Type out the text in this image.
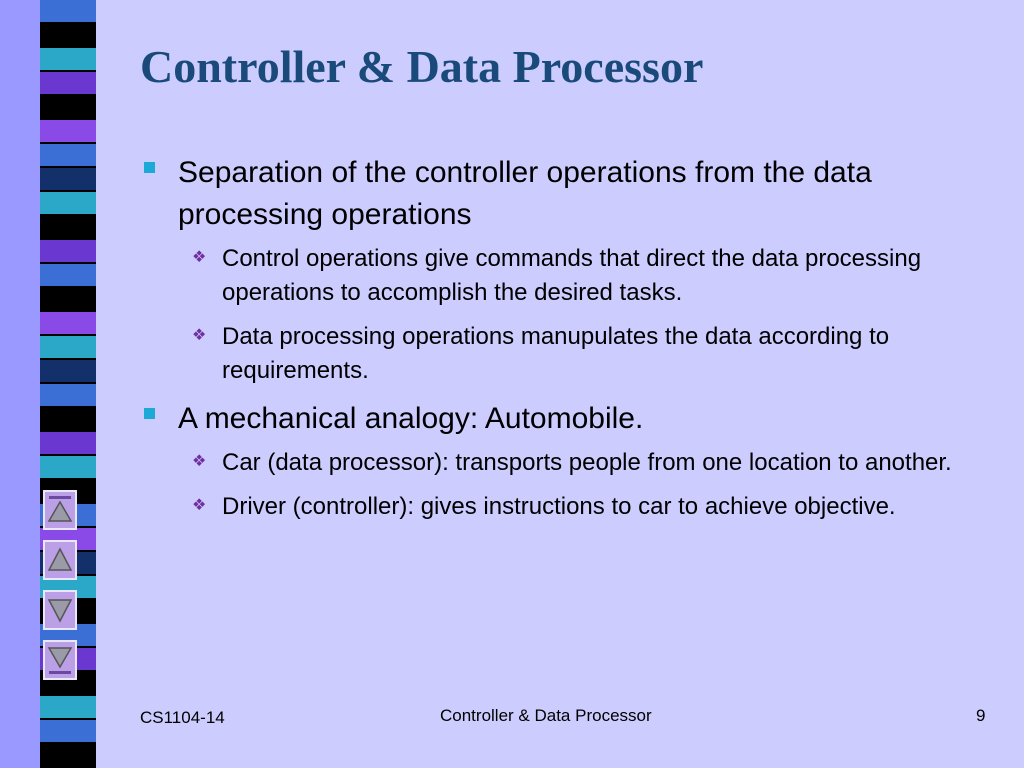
Controller & Data Processor
Separation of the controller operations from the data processing operations
❖ Control operations give commands that direct the data processing operations to accomplish the desired tasks.
❖ Data processing operations manupulates the data according to requirements.
A mechanical analogy: Automobile.
❖ Car (data processor): transports people from one location to another.
❖ Driver (controller): gives instructions to car to achieve objective.
CS1104-14	Controller & Data Processor	9
